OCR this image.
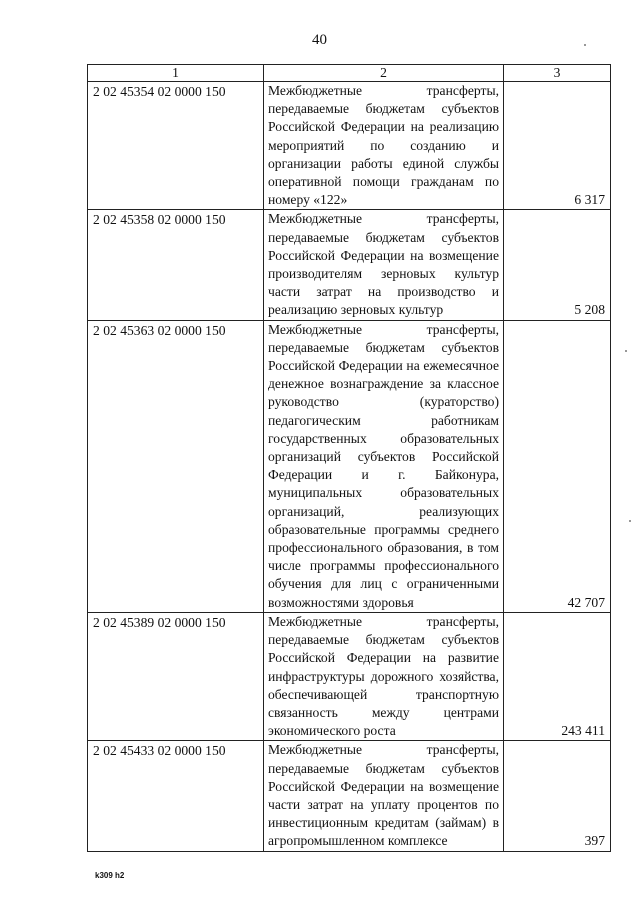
40
1	2	3
2 02 45354 02 0000 150	Межбюджетные трансферты, передаваемые бюджетам субъектов Российской Федерации на реализацию мероприятий по созданию и организации работы единой службы оперативной помощи гражданам по номеру «122»	6 317
2 02 45358 02 0000 150	Межбюджетные трансферты, передаваемые бюджетам субъектов Российской Федерации на возмещение производителям зерновых культур части затрат на производство и реализацию зерновых культур	5 208
2 02 45363 02 0000 150	Межбюджетные трансферты, передаваемые бюджетам субъектов Российской Федерации на ежемесячное денежное вознаграждение за классное руководство (кураторство) педагогическим работникам государственных образовательных организаций субъектов Российской Федерации и г. Байконура, муниципальных образовательных организаций, реализующих образовательные программы среднего профессионального образования, в том числе программы профессионального обучения для лиц с ограниченными возможностями здоровья	42 707
2 02 45389 02 0000 150	Межбюджетные трансферты, передаваемые бюджетам субъектов Российской Федерации на развитие инфраструктуры дорожного хозяйства, обеспечивающей транспортную связанность между центрами экономического роста	243 411
2 02 45433 02 0000 150	Межбюджетные трансферты, передаваемые бюджетам субъектов Российской Федерации на возмещение части затрат на уплату процентов по инвестиционным кредитам (займам) в агропромышленном комплексе	397
k309 h2
